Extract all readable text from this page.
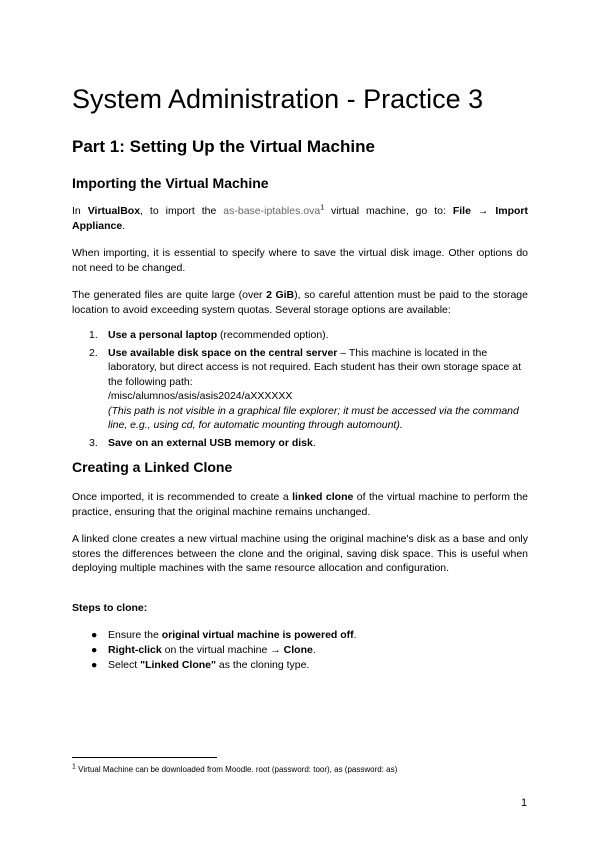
System Administration - Practice 3
Part 1: Setting Up the Virtual Machine
Importing the Virtual Machine

In VirtualBox, to import the as-base-iptables.ova$^1$ virtual machine, go to: File → Import Appliance.

When importing, it is essential to specify where to save the virtual disk image. Other options do not need to be changed.

The generated files are quite large (over 2 GiB), so careful attention must be paid to the storage location to avoid exceeding system quotas. Several storage options are available:

1. Use a personal laptop (recommended option).
2. Use available disk space on the central server – This machine is located in the laboratory, but direct access is not required. Each student has their own storage space at the following path:
/misc/alumnos/asis/asis2024/aXXXXXX
(This path is not visible in a graphical file explorer; it must be accessed via the command line, e.g., using cd, for automatic mounting through automount).
3. Save on an external USB memory or disk.
Creating a Linked Clone

Once imported, it is recommended to create a linked clone of the virtual machine to perform the practice, ensuring that the original machine remains unchanged.

A linked clone creates a new virtual machine using the original machine's disk as a base and only stores the differences between the clone and the original, saving disk space. This is useful when deploying multiple machines with the same resource allocation and configuration.

Steps to clone:

● Ensure the original virtual machine is powered off.
● Right-click on the virtual machine → Clone.
● Select "Linked Clone" as the cloning type.

$^1$ Virtual Machine can be downloaded from Moodle. root (password: toor), as (password: as)

1
